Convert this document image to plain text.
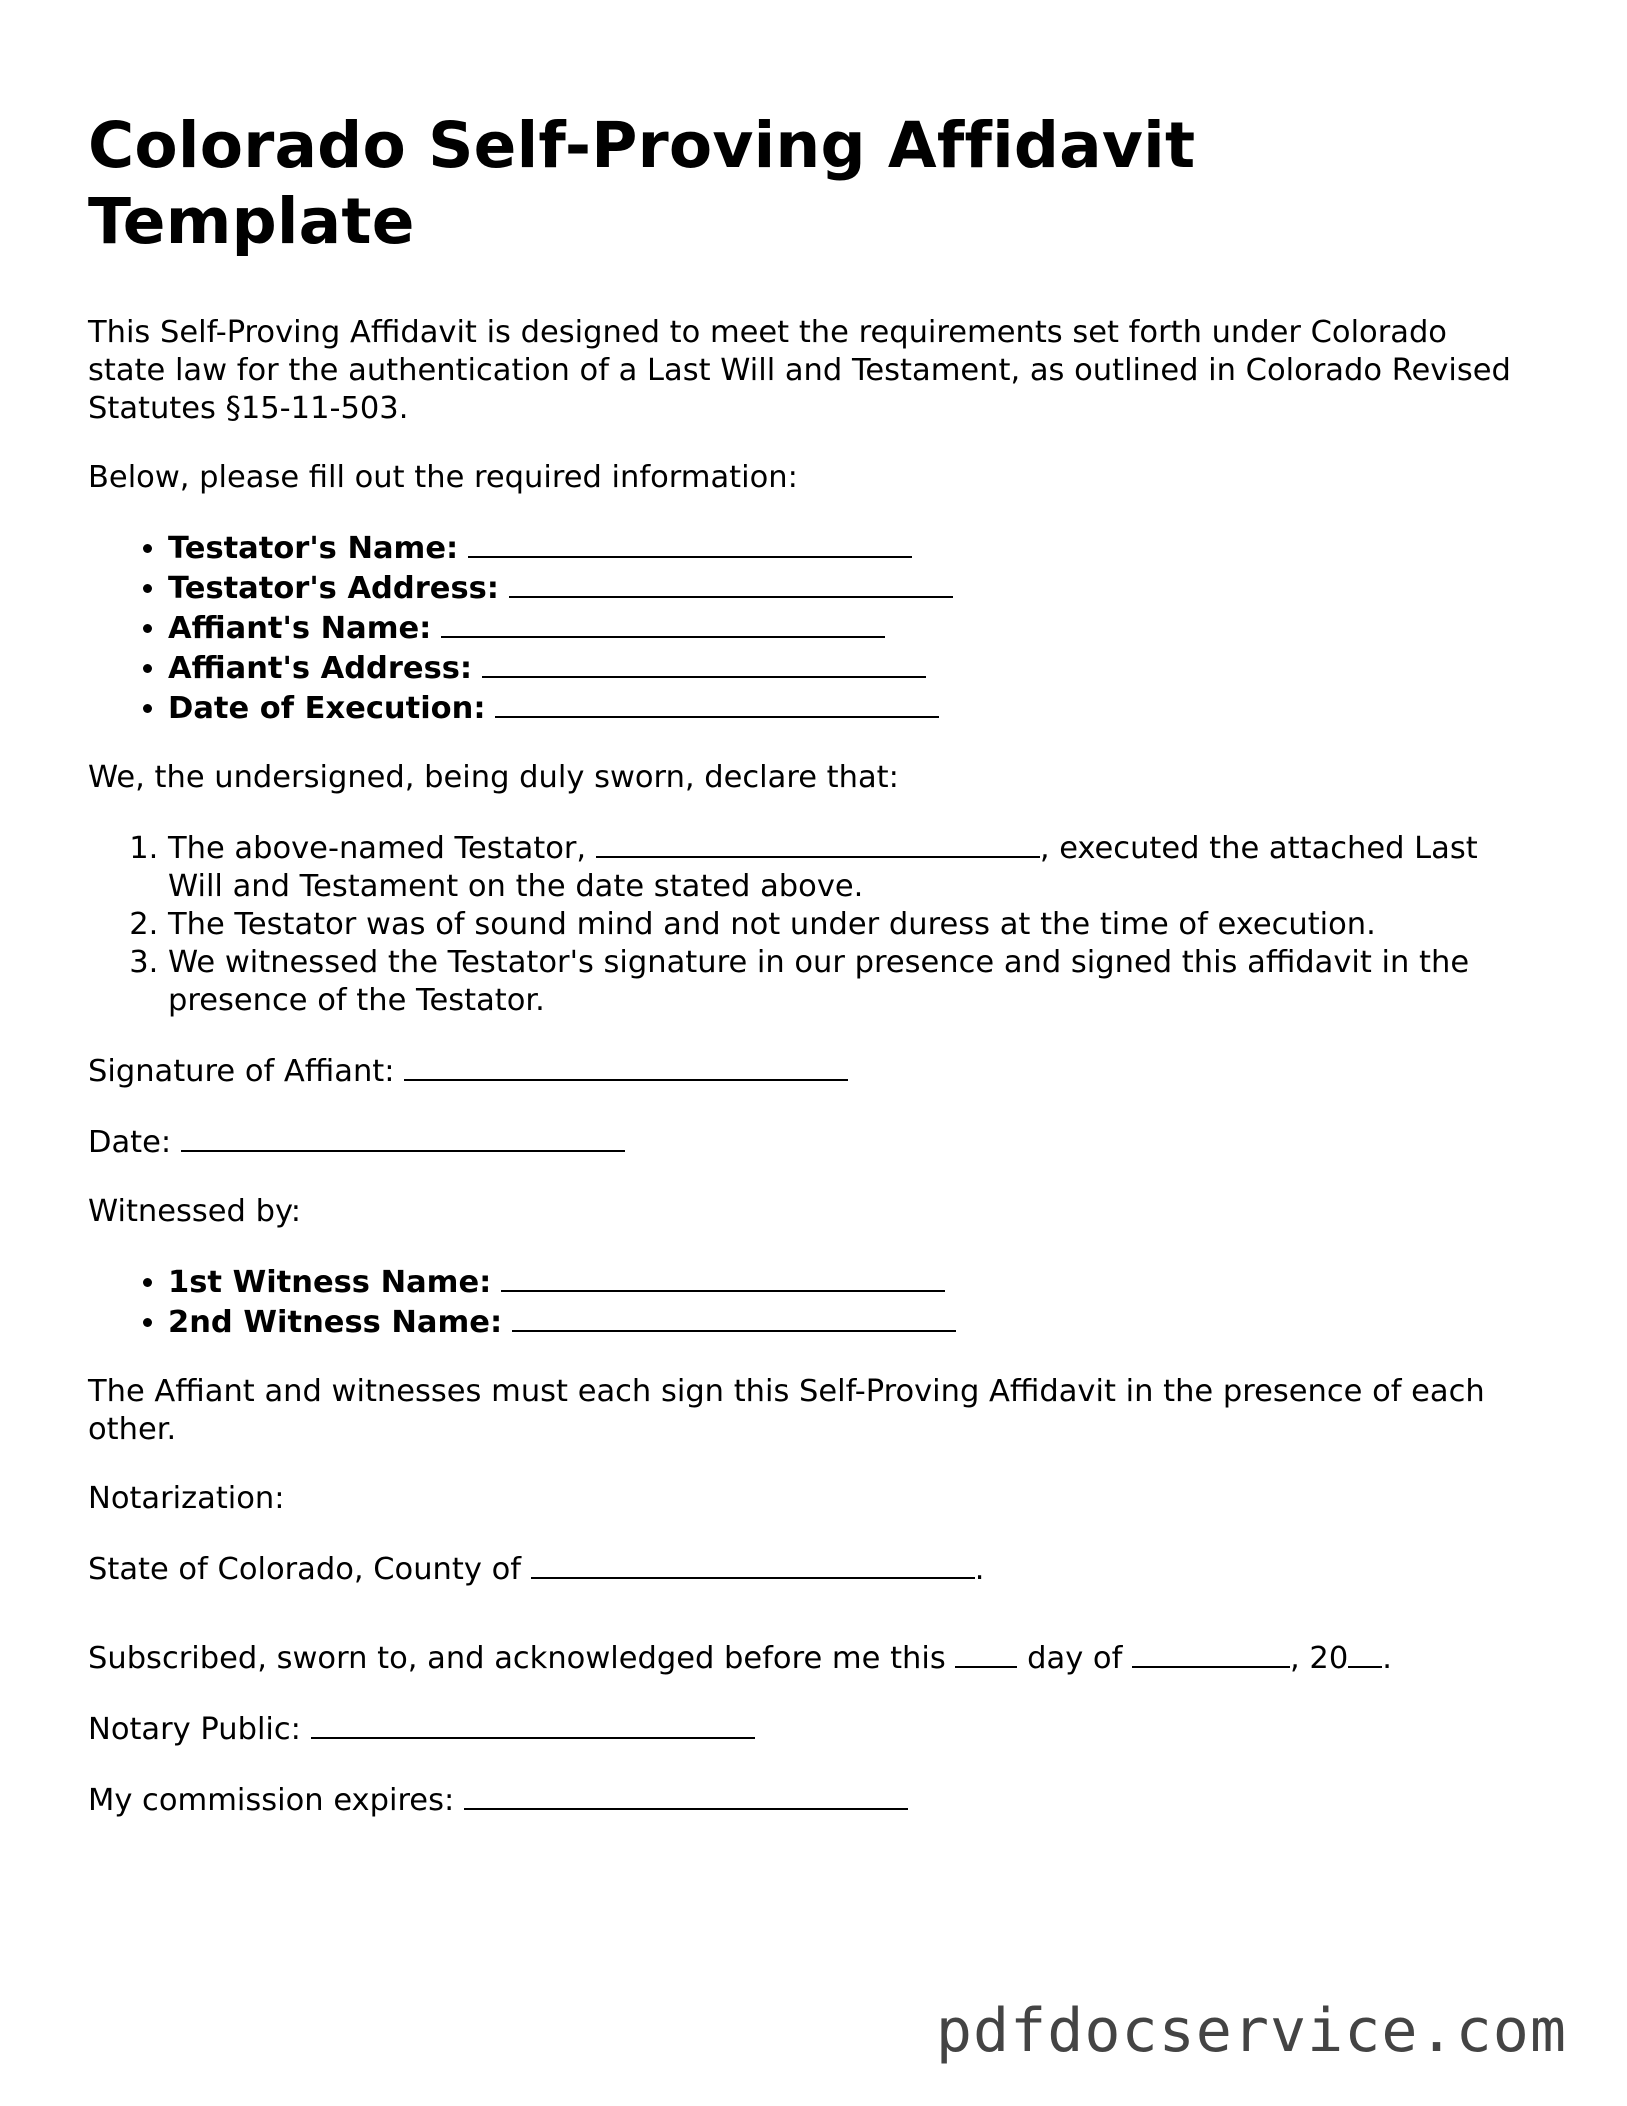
Colorado Self-Proving Affidavit Template

This Self-Proving Affidavit is designed to meet the requirements set forth under Colorado state law for the authentication of a Last Will and Testament, as outlined in Colorado Revised Statutes §15-11-503.

Below, please fill out the required information:

• Testator's Name:
• Testator's Address:
• Affiant's Name:
• Affiant's Address:
• Date of Execution:

We, the undersigned, being duly sworn, declare that:

1. The above-named Testator,	, executed the attached Last Will and Testament on the date stated above.
2. The Testator was of sound mind and not under duress at the time of execution.
3. We witnessed the Testator's signature in our presence and signed this affidavit in the presence of the Testator.

Signature of Affiant:

Date:

Witnessed by:

• 1st Witness Name:
• 2nd Witness Name:

The Affiant and witnesses must each sign this Self-Proving Affidavit in the presence of each other.

Notarization:

State of Colorado, County of	.

Subscribed, sworn to, and acknowledged before me this	day of	, 20 .

Notary Public:

My commission expires:

pdfdocservice.com
